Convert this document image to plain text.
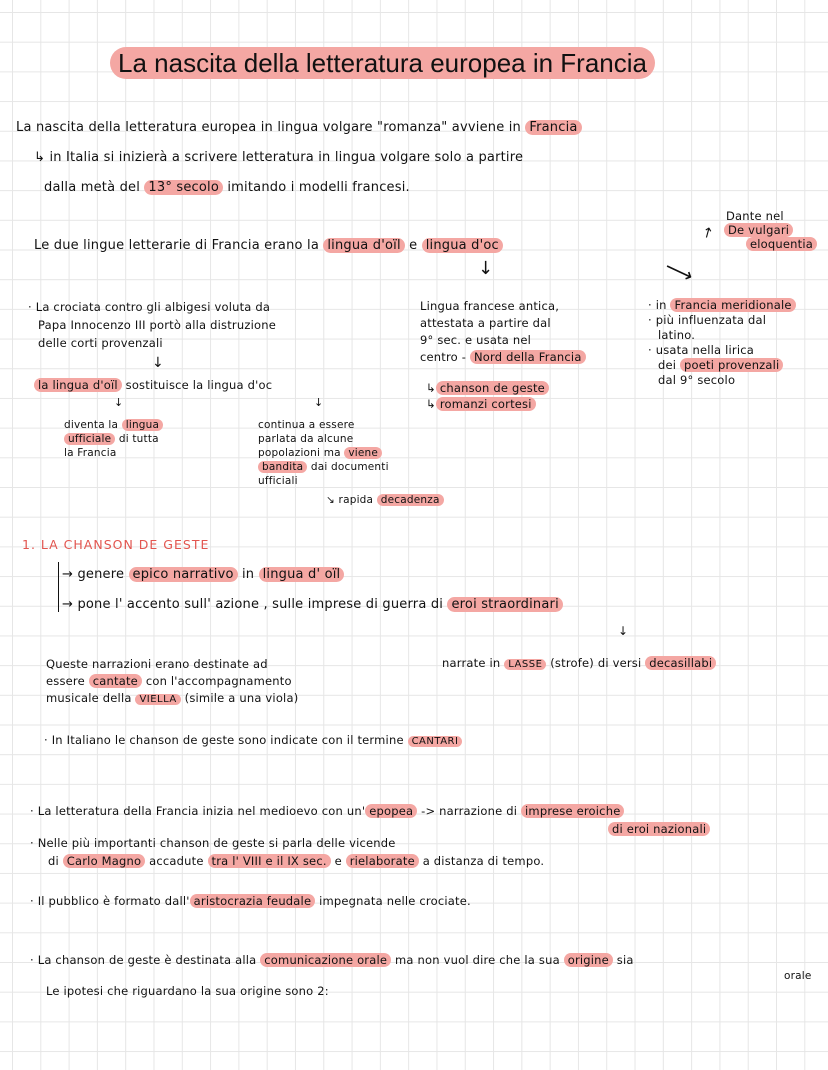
La nascita della letteratura europea in Francia
La nascita della letteratura europea in lingua volgare "romanza" avviene in Francia
↳ in Italia si inizierà a scrivere letteratura in lingua volgare solo a partire
dalla metà del 13° secolo imitando i modelli francesi.
Le due lingue letterarie di Francia erano la lingua d'oïl e lingua d'oc
↗
Dante nel
De vulgari
eloquentia
↓	⟶
· La crociata contro gli albigesi voluta da
Papa Innocenzo III portò alla distruzione
delle corti provenzali
↓
la lingua d'oïl sostituisce la lingua d'oc
↓	↓
diventa la lingua
ufficiale di tutta
la Francia
continua a essere
parlata da alcune
popolazioni ma viene
bandita dai documenti
ufficiali
↘ rapida decadenza
Lingua francese antica,
attestata a partire dal
9° sec. e usata nel
centro - Nord della Francia
↳ chanson de geste
↳ romanzi cortesi
· in Francia meridionale
· più influenzata dal
latino.
· usata nella lirica
dei poeti provenzali
dal 9° secolo
1. LA CHANSON DE GESTE
→ genere epico narrativo in lingua d' oïl
→ pone l' accento sull' azione , sulle imprese di guerra di eroi straordinari
↓
Queste narrazioni erano destinate ad
essere cantate con l'accompagnamento
musicale della VIELLA (simile a una viola)
narrate in LASSE (strofe) di versi decasillabi
· In Italiano le chanson de geste sono indicate con il termine CANTARI
· La letteratura della Francia inizia nel medioevo con un' epopea -> narrazione di imprese eroiche
di eroi nazionali
· Nelle più importanti chanson de geste si parla delle vicende
di Carlo Magno accadute tra l' VIII e il IX sec. e rielaborate a distanza di tempo.
· Il pubblico è formato dall' aristocrazia feudale impegnata nelle crociate.
· La chanson de geste è destinata alla comunicazione orale ma non vuol dire che la sua origine sia
orale
Le ipotesi che riguardano la sua origine sono 2:
